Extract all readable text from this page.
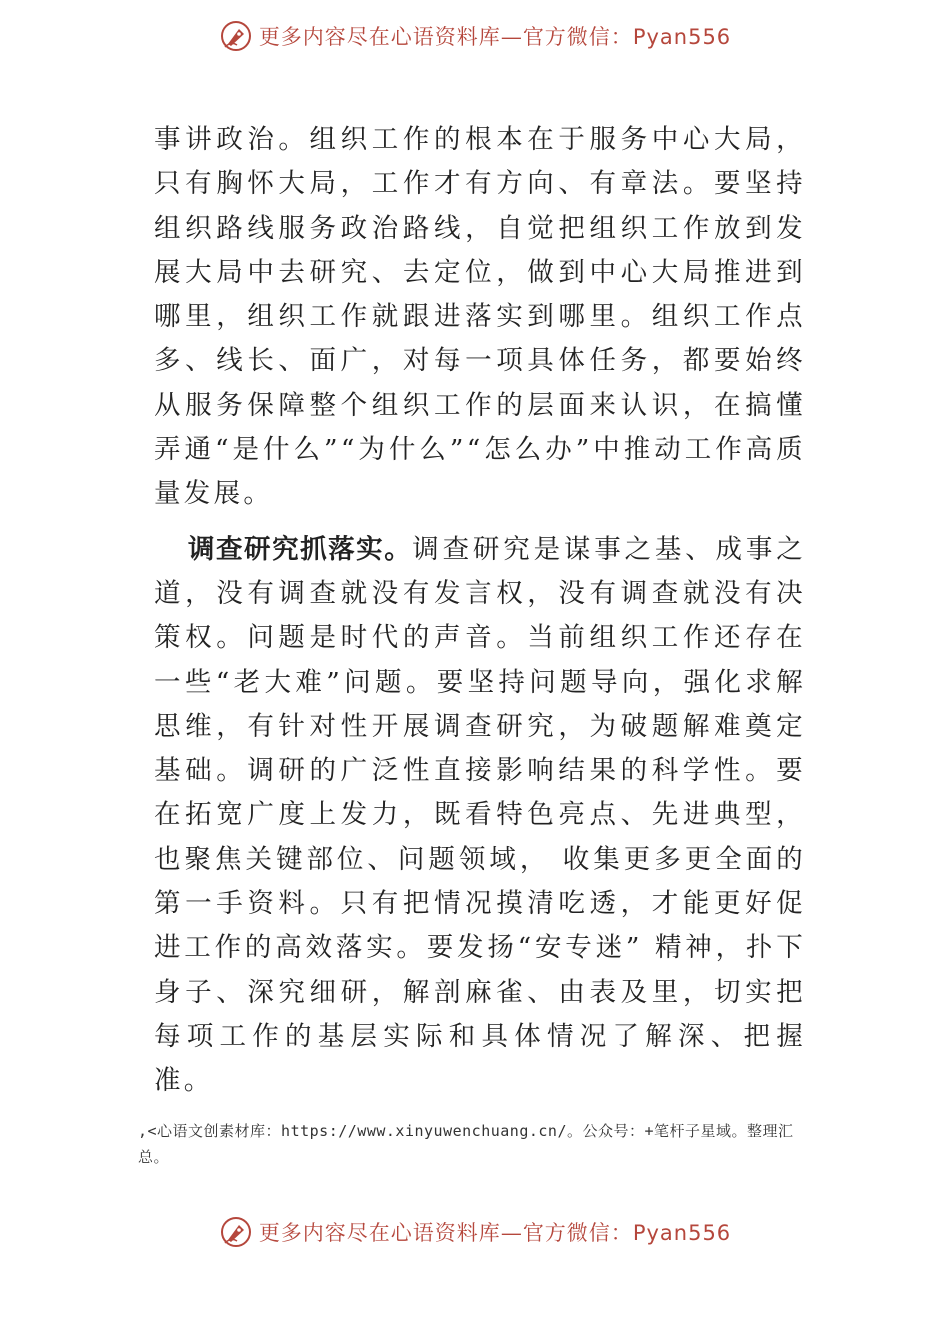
更多内容尽在心语资料库—官方微信：Pyan556

事讲政治。组织工作的根本在于服务中心大局，只有胸怀大局，工作才有方向、有章法。要坚持组织路线服务政治路线，自觉把组织工作放到发展大局中去研究、去定位，做到中心大局推进到哪里，组织工作就跟进落实到哪里。组织工作点多、线长、面广，对每一项具体任务，都要始终从服务保障整个组织工作的层面来认识，在搞懂弄通“是什么”“为什么”“怎么办”中推动工作高质量发展。

调查研究抓落实。调查研究是谋事之基、成事之道，没有调查就没有发言权，没有调查就没有决策权。问题是时代的声音。当前组织工作还存在一些“老大难”问题。要坚持问题导向，强化求解思维，有针对性开展调查研究，为破题解难奠定基础。调研的广泛性直接影响结果的科学性。要在拓宽广度上发力，既看特色亮点、先进典型，也聚焦关键部位、问题领域， 收集更多更全面的第一手资料。只有把情况摸清吃透，才能更好促进工作的高效落实。要发扬“安专迷” 精神，扑下身子、深究细研，解剖麻雀、由表及里，切实把每项工作的基层实际和具体情况了解深、把握准。

,<心语文创素材库：https://www.xinyuwenchuang.cn/。公众号：+笔杆子星域。整理汇总。
更多内容尽在心语资料库—官方微信：Pyan556
